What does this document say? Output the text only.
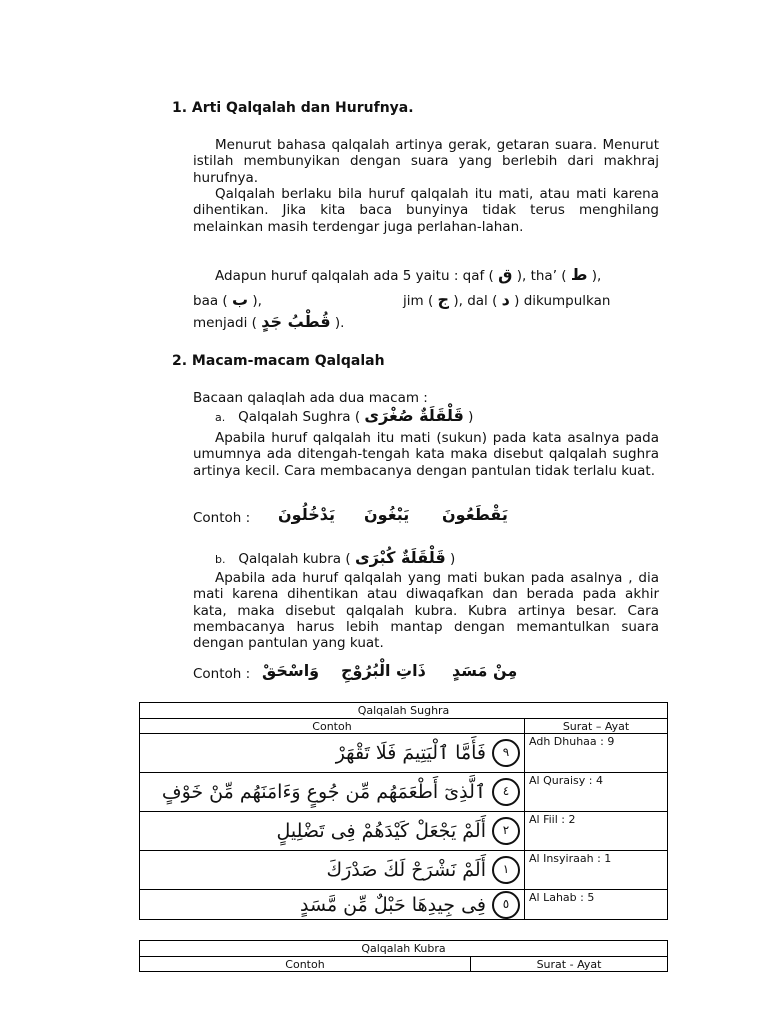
1. Arti Qalqalah dan Hurufnya.
Menurut bahasa qalqalah artinya gerak, getaran suara. Menurut istilah membunyikan dengan suara yang berlebih dari makhraj hurufnya.
Qalqalah berlaku bila huruf qalqalah itu mati, atau mati karena dihentikan. Jika kita baca bunyinya tidak terus menghilang melainkan masih terdengar juga perlahan-lahan.
Adapun huruf qalqalah ada 5 yaitu : qaf ( ق ), tha’ ( ط ),
baa ( ب ),	jim ( ج ), dal ( د ) dikumpulkan
menjadi ( قُطْبُ جَدٍ ).
2. Macam-macam Qalqalah
Bacaan qalaqlah ada dua macam :
a. Qalqalah Sughra ( قَلْقَلَةٌ صُغْرَى )
Apabila huruf qalqalah itu mati (sukun) pada kata asalnya pada umumnya ada ditengah-tengah kata maka disebut qalqalah sughra artinya kecil. Cara membacanya dengan pantulan tidak terlalu kuat.
Contoh : يَدْخُلُونَ يَبْغُونَ يَقْطَعُونَ
b. Qalqalah kubra ( قَلْقَلَةٌ كُبْرَى )
Apabila ada huruf qalqalah yang mati bukan pada asalnya , dia mati karena dihentikan atau diwaqafkan dan berada pada akhir kata, maka disebut qalqalah kubra. Kubra artinya besar. Cara membacanya harus lebih mantap dengan memantulkan suara dengan pantulan yang kuat.
Contoh : وَاسْحَقْ ذَاتِ الْبُرُوْجِ مِنْ مَسَدٍ
Qalqalah Sughra	
Contoh	Surat – Ayat
فَأَمَّا ٱلْيَتِيمَ فَلَا تَقْهَرْ ٩	Adh Dhuhaa : 9
ٱلَّذِىٓ أَطْعَمَهُم مِّن جُوعٍ وَءَامَنَهُم مِّنْ خَوْفٍ ٤	Al Quraisy : 4
أَلَمْ يَجْعَلْ كَيْدَهُمْ فِى تَضْلِيلٍ ٢	Al Fiil : 2
أَلَمْ نَشْرَحْ لَكَ صَدْرَكَ ١	Al Insyiraah : 1
فِى جِيدِهَا حَبْلٌ مِّن مَّسَدٍ ٥	Al Lahab : 5
Qalqalah Kubra
Contoh	Surat - Ayat
